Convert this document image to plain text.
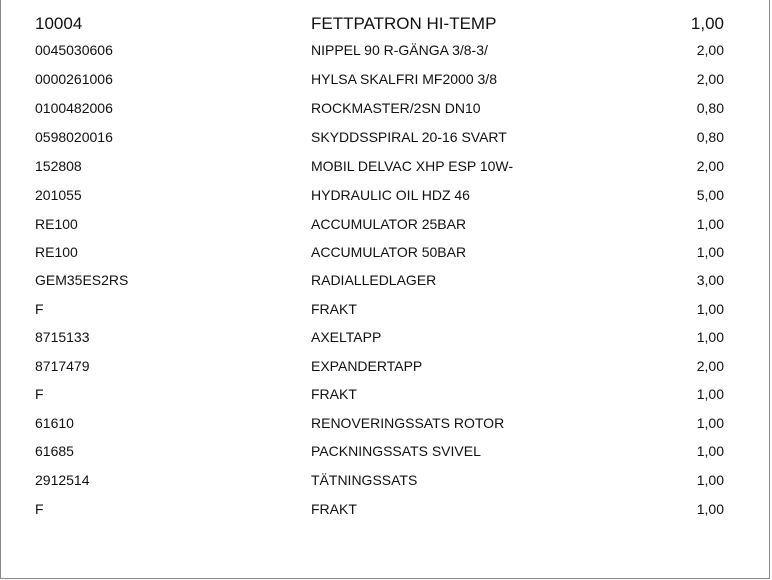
10004	FETTPATRON HI-TEMP	1,00
0045030606	NIPPEL 90 R-GÄNGA 3/8-3/	2,00
0000261006	HYLSA SKALFRI MF2000 3/8	2,00
0100482006	ROCKMASTER/2SN DN10	0,80
0598020016	SKYDDSSPIRAL 20-16 SVART	0,80
152808	MOBIL DELVAC XHP ESP 10W-	2,00
201055	HYDRAULIC OIL HDZ 46	5,00
RE100	ACCUMULATOR 25BAR	1,00
RE100	ACCUMULATOR 50BAR	1,00
GEM35ES2RS	RADIALLEDLAGER	3,00
F	FRAKT	1,00
8715133	AXELTAPP	1,00
8717479	EXPANDERTAPP	2,00
F	FRAKT	1,00
61610	RENOVERINGSSATS ROTOR	1,00
61685	PACKNINGSSATS SVIVEL	1,00
2912514	TÄTNINGSSATS	1,00
F	FRAKT	1,00
